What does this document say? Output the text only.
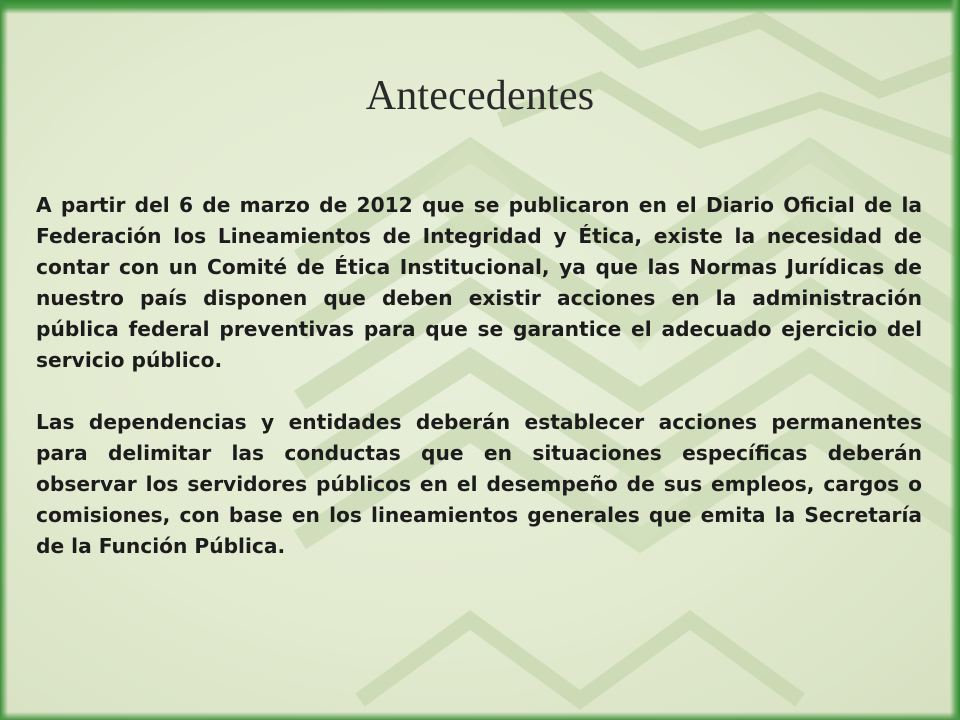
Antecedentes

A partir del 6 de marzo de 2012 que se publicaron en el Diario Oficial de la Federación los Lineamientos de Integridad y Ética, existe la necesidad de contar con un Comité de Ética Institucional, ya que las Normas Jurídicas de nuestro país disponen que deben existir acciones en la administración pública federal preventivas para que se garantice el adecuado ejercicio del servicio público.

Las dependencias y entidades deberán establecer acciones permanentes para delimitar las conductas que en situaciones específicas deberán observar los servidores públicos en el desempeño de sus empleos, cargos o comisiones, con base en los lineamientos generales que emita la Secretaría de la Función Pública.
